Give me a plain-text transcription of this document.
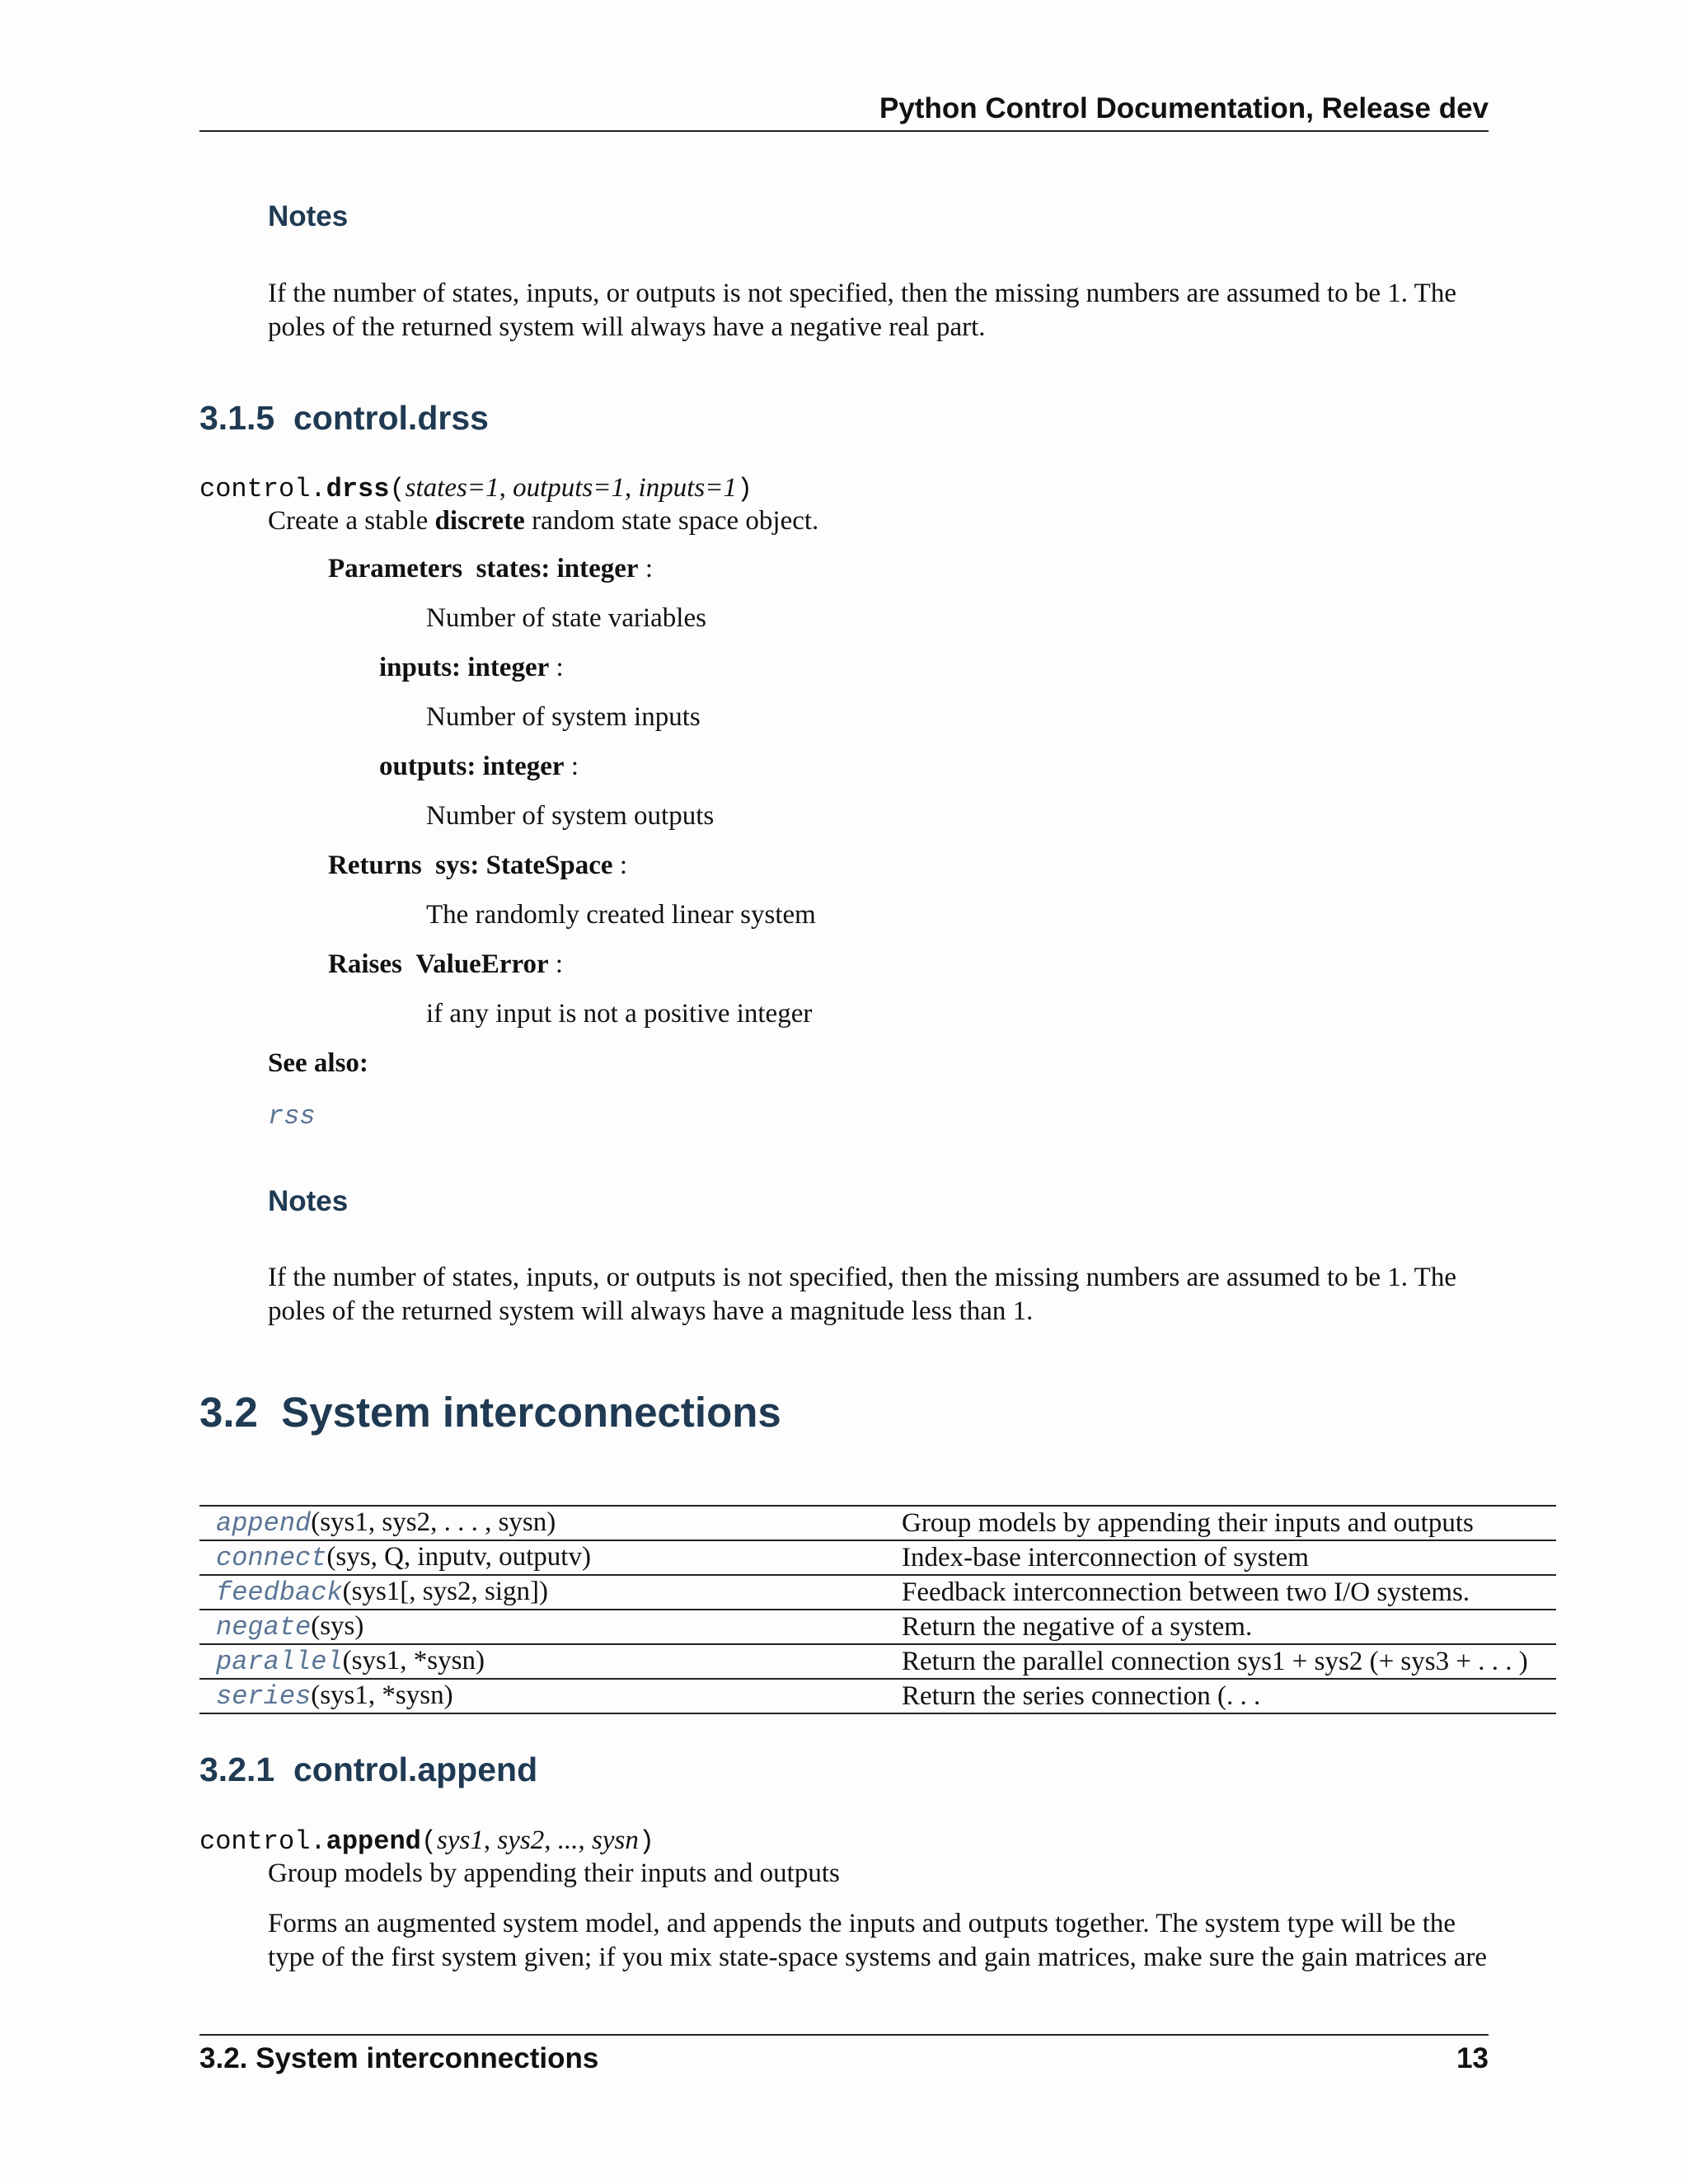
Python Control Documentation, Release dev
Notes
If the number of states, inputs, or outputs is not specified, then the missing numbers are assumed to be 1. The
poles of the returned system will always have a negative real part.
3.1.5 control.drss
control.drss(states=1, outputs=1, inputs=1)
Create a stable discrete random state space object.
Parameters states: integer :
Number of state variables
inputs: integer :
Number of system inputs
outputs: integer :
Number of system outputs
Returns sys: StateSpace :
The randomly created linear system
Raises ValueError :
if any input is not a positive integer
See also:
rss
Notes
If the number of states, inputs, or outputs is not specified, then the missing numbers are assumed to be 1. The
poles of the returned system will always have a magnitude less than 1.
3.2 System interconnections
append(sys1, sys2, . . . , sysn)	Group models by appending their inputs and outputs
connect(sys, Q, inputv, outputv)	Index-base interconnection of system
feedback(sys1[, sys2, sign])	Feedback interconnection between two I/O systems.
negate(sys)	Return the negative of a system.
parallel(sys1, *sysn)	Return the parallel connection sys1 + sys2 (+ sys3 + . . . )
series(sys1, *sysn)	Return the series connection (. . .
3.2.1 control.append
control.append(sys1, sys2, ..., sysn)
Group models by appending their inputs and outputs
Forms an augmented system model, and appends the inputs and outputs together. The system type will be the
type of the first system given; if you mix state-space systems and gain matrices, make sure the gain matrices are
3.2. System interconnections	13
